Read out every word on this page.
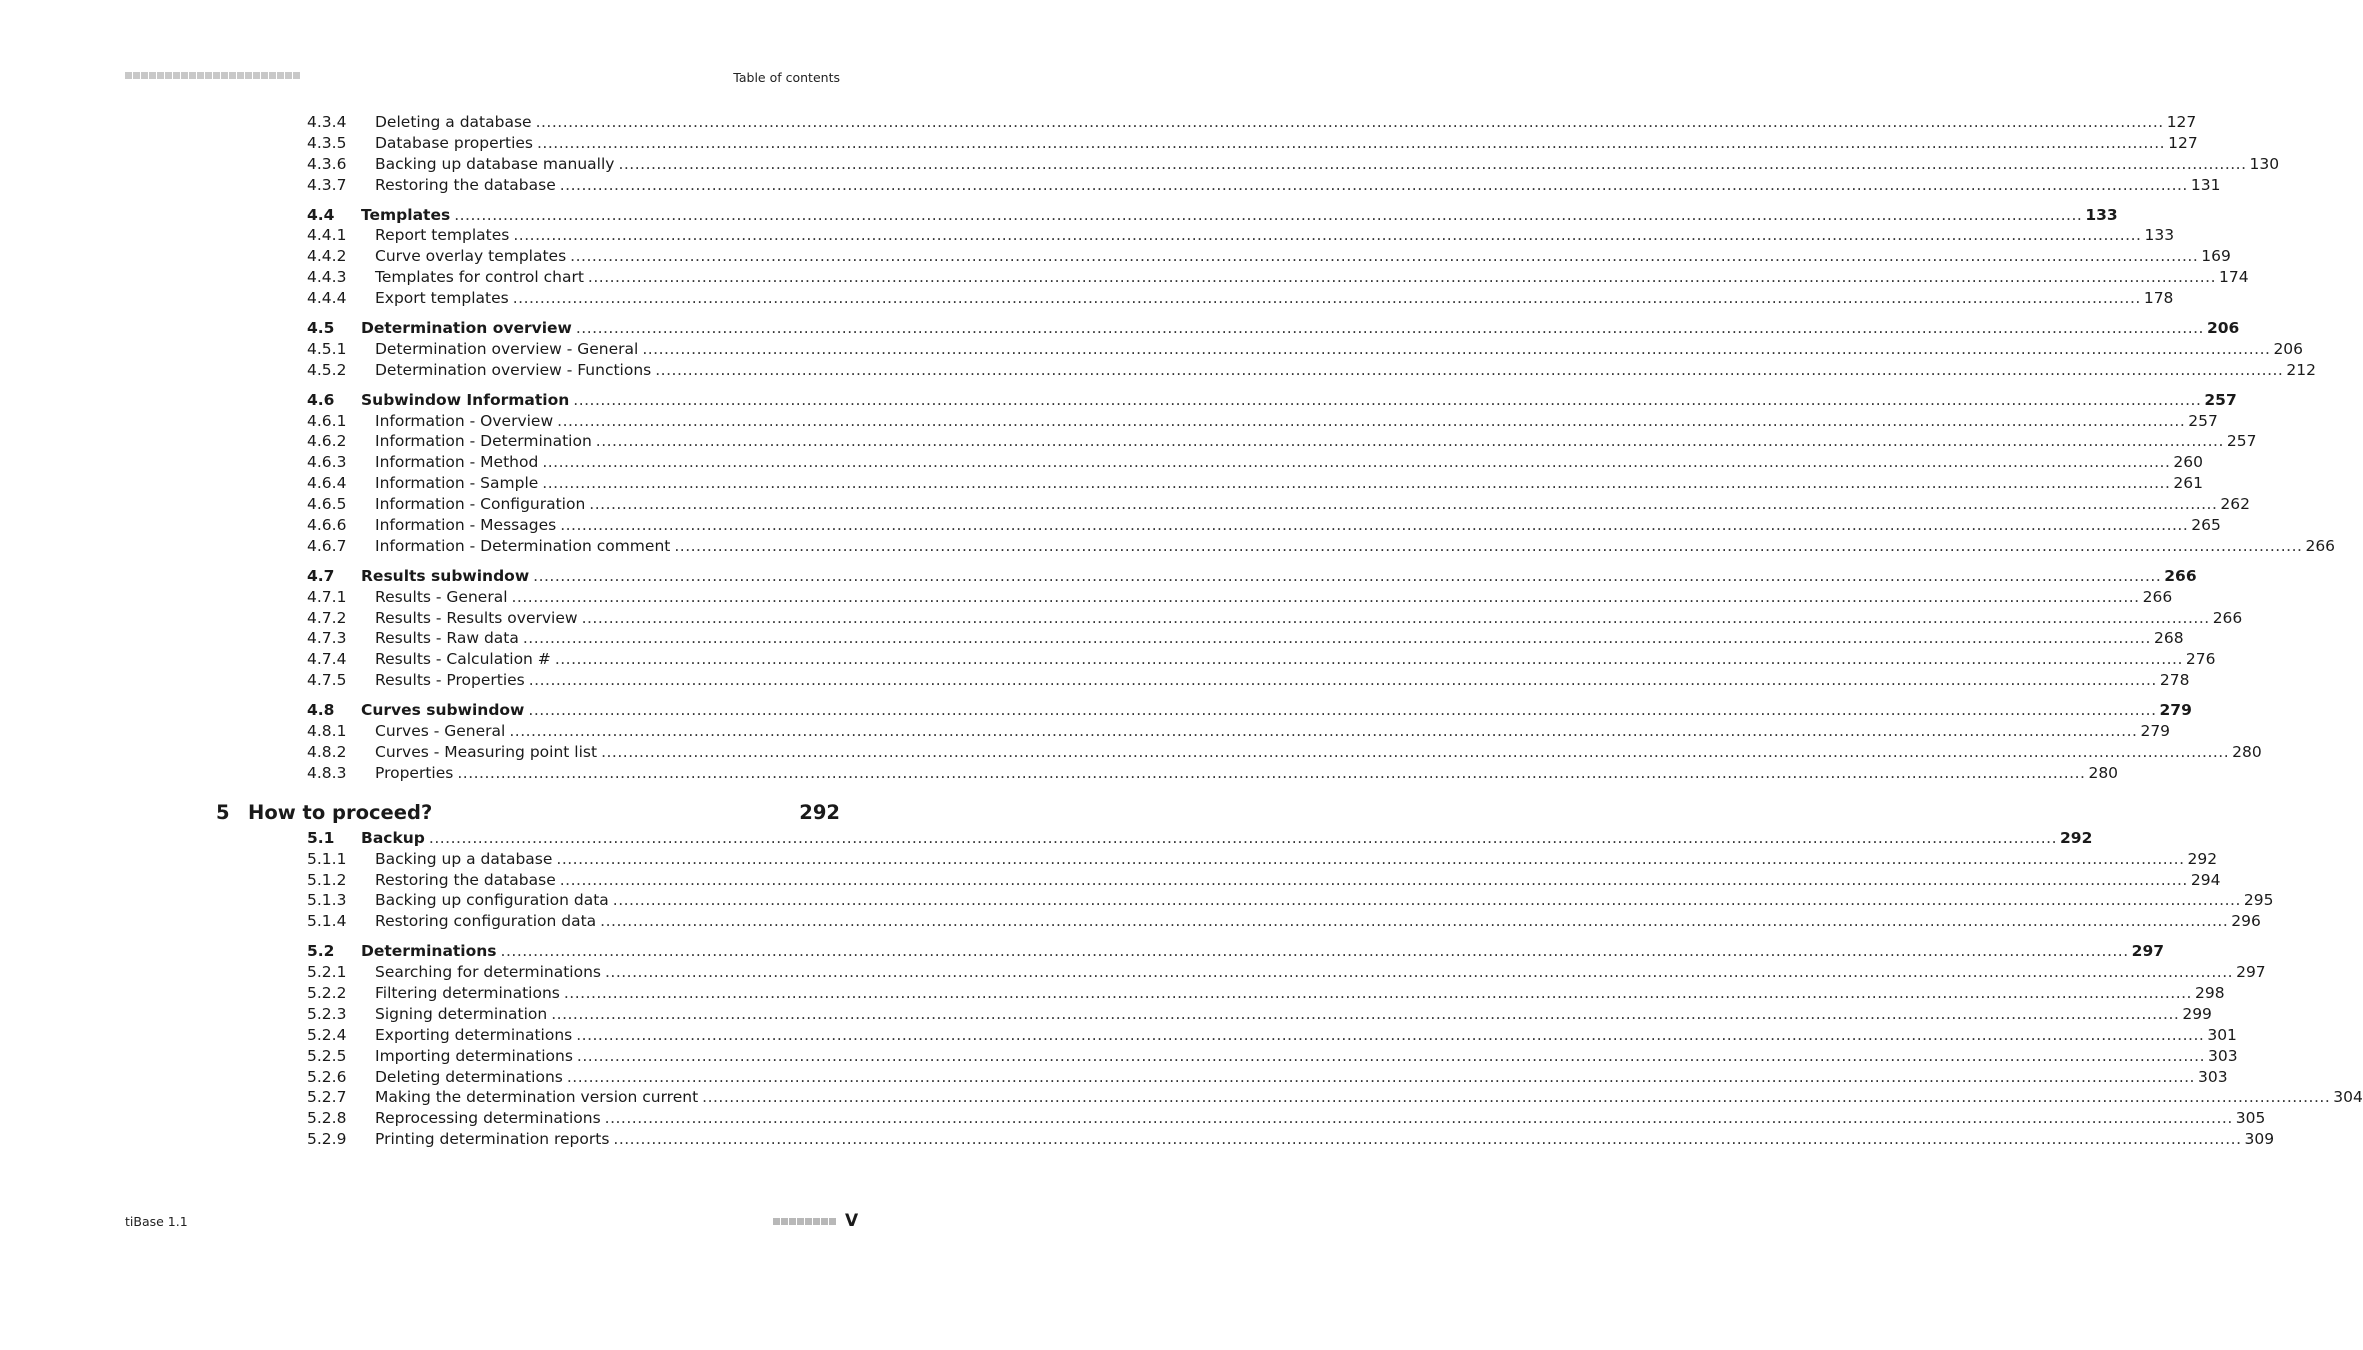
Table of contents
4.3.4 Deleting a database ............................................................................................................................................................................................................................................................................................................ 127
4.3.5 Database properties ............................................................................................................................................................................................................................................................................................................ 127
4.3.6 Backing up database manually ............................................................................................................................................................................................................................................................................................................ 130
4.3.7 Restoring the database ............................................................................................................................................................................................................................................................................................................ 131
4.4 Templates ............................................................................................................................................................................................................................................................................................................ 133
4.4.1 Report templates ............................................................................................................................................................................................................................................................................................................ 133
4.4.2 Curve overlay templates ............................................................................................................................................................................................................................................................................................................ 169
4.4.3 Templates for control chart ............................................................................................................................................................................................................................................................................................................ 174
4.4.4 Export templates ............................................................................................................................................................................................................................................................................................................ 178
4.5 Determination overview ............................................................................................................................................................................................................................................................................................................ 206
4.5.1 Determination overview - General ............................................................................................................................................................................................................................................................................................................ 206
4.5.2 Determination overview - Functions ............................................................................................................................................................................................................................................................................................................ 212
4.6 Subwindow Information ............................................................................................................................................................................................................................................................................................................ 257
4.6.1 Information - Overview ............................................................................................................................................................................................................................................................................................................ 257
4.6.2 Information - Determination ............................................................................................................................................................................................................................................................................................................ 257
4.6.3 Information - Method ............................................................................................................................................................................................................................................................................................................ 260
4.6.4 Information - Sample ............................................................................................................................................................................................................................................................................................................ 261
4.6.5 Information - Configuration ............................................................................................................................................................................................................................................................................................................ 262
4.6.6 Information - Messages ............................................................................................................................................................................................................................................................................................................ 265
4.6.7 Information - Determination comment ............................................................................................................................................................................................................................................................................................................ 266
4.7 Results subwindow ............................................................................................................................................................................................................................................................................................................ 266
4.7.1 Results - General ............................................................................................................................................................................................................................................................................................................ 266
4.7.2 Results - Results overview ............................................................................................................................................................................................................................................................................................................ 266
4.7.3 Results - Raw data ............................................................................................................................................................................................................................................................................................................ 268
4.7.4 Results - Calculation # ............................................................................................................................................................................................................................................................................................................ 276
4.7.5 Results - Properties ............................................................................................................................................................................................................................................................................................................ 278
4.8 Curves subwindow ............................................................................................................................................................................................................................................................................................................ 279
4.8.1 Curves - General ............................................................................................................................................................................................................................................................................................................ 279
4.8.2 Curves - Measuring point list ............................................................................................................................................................................................................................................................................................................ 280
4.8.3 Properties ............................................................................................................................................................................................................................................................................................................ 280
5 How to proceed?	292
5.1 Backup ............................................................................................................................................................................................................................................................................................................ 292
5.1.1 Backing up a database ............................................................................................................................................................................................................................................................................................................ 292
5.1.2 Restoring the database ............................................................................................................................................................................................................................................................................................................ 294
5.1.3 Backing up configuration data ............................................................................................................................................................................................................................................................................................................ 295
5.1.4 Restoring configuration data ............................................................................................................................................................................................................................................................................................................ 296
5.2 Determinations ............................................................................................................................................................................................................................................................................................................ 297
5.2.1 Searching for determinations ............................................................................................................................................................................................................................................................................................................ 297
5.2.2 Filtering determinations ............................................................................................................................................................................................................................................................................................................ 298
5.2.3 Signing determination ............................................................................................................................................................................................................................................................................................................ 299
5.2.4 Exporting determinations ............................................................................................................................................................................................................................................................................................................ 301
5.2.5 Importing determinations ............................................................................................................................................................................................................................................................................................................ 303
5.2.6 Deleting determinations ............................................................................................................................................................................................................................................................................................................ 303
5.2.7 Making the determination version current ............................................................................................................................................................................................................................................................................................................ 304
5.2.8 Reprocessing determinations ............................................................................................................................................................................................................................................................................................................ 305
5.2.9 Printing determination reports ............................................................................................................................................................................................................................................................................................................ 309
tiBase 1.1	V
